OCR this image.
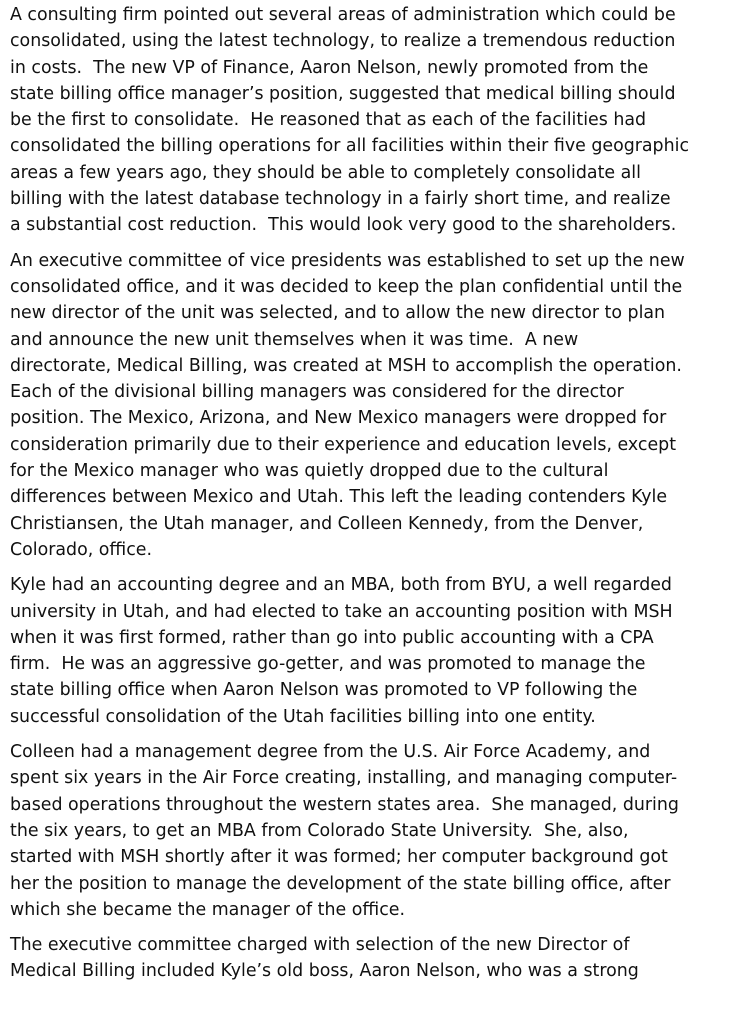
A consulting firm pointed out several areas of administration which could be
consolidated, using the latest technology, to realize a tremendous reduction
in costs.  The new VP of Finance, Aaron Nelson, newly promoted from the
state billing office manager’s position, suggested that medical billing should
be the first to consolidate.  He reasoned that as each of the facilities had
consolidated the billing operations for all facilities within their five geographic
areas a few years ago, they should be able to completely consolidate all
billing with the latest database technology in a fairly short time, and realize
a substantial cost reduction.  This would look very good to the shareholders.

An executive committee of vice presidents was established to set up the new
consolidated office, and it was decided to keep the plan confidential until the
new director of the unit was selected, and to allow the new director to plan
and announce the new unit themselves when it was time.  A new
directorate, Medical Billing, was created at MSH to accomplish the operation.
Each of the divisional billing managers was considered for the director
position. The Mexico, Arizona, and New Mexico managers were dropped for
consideration primarily due to their experience and education levels, except
for the Mexico manager who was quietly dropped due to the cultural
differences between Mexico and Utah. This left the leading contenders Kyle
Christiansen, the Utah manager, and Colleen Kennedy, from the Denver,
Colorado, office.

Kyle had an accounting degree and an MBA, both from BYU, a well regarded
university in Utah, and had elected to take an accounting position with MSH
when it was first formed, rather than go into public accounting with a CPA
firm.  He was an aggressive go-getter, and was promoted to manage the
state billing office when Aaron Nelson was promoted to VP following the
successful consolidation of the Utah facilities billing into one entity.

Colleen had a management degree from the U.S. Air Force Academy, and
spent six years in the Air Force creating, installing, and managing computer-
based operations throughout the western states area.  She managed, during
the six years, to get an MBA from Colorado State University.  She, also,
started with MSH shortly after it was formed; her computer background got
her the position to manage the development of the state billing office, after
which she became the manager of the office.

The executive committee charged with selection of the new Director of
Medical Billing included Kyle’s old boss, Aaron Nelson, who was a strong
